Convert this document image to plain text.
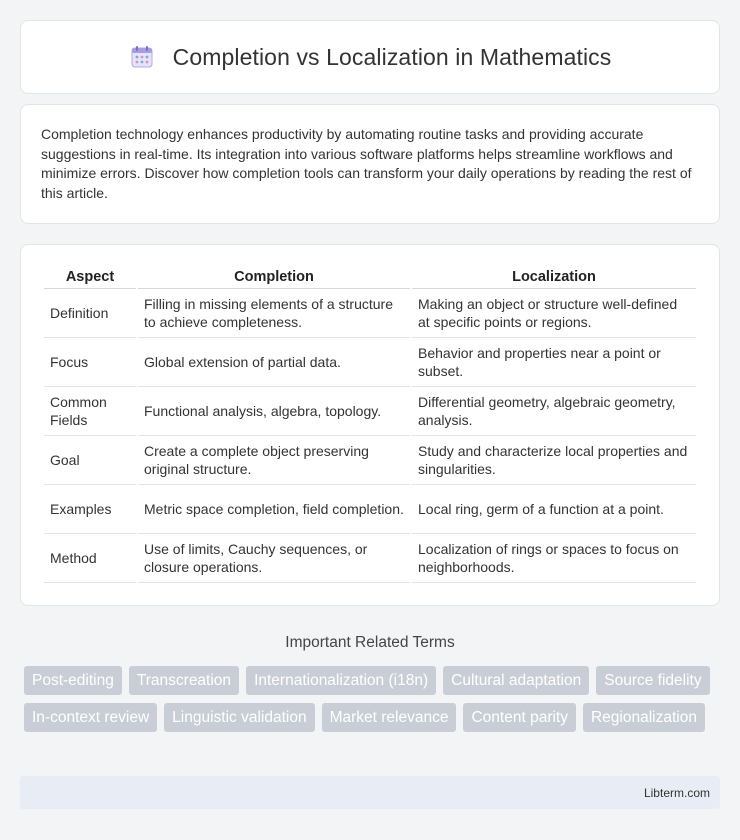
Completion vs Localization in Mathematics

Completion technology enhances productivity by automating routine tasks and providing accurate suggestions in real-time. Its integration into various software platforms helps streamline workflows and minimize errors. Discover how completion tools can transform your daily operations by reading the rest of this article.

Aspect	Completion	Localization
Definition	Filling in missing elements of a structure to achieve completeness.	Making an object or structure well-defined at specific points or regions.
Focus	Global extension of partial data.	Behavior and properties near a point or subset.
Common Fields	Functional analysis, algebra, topology.	Differential geometry, algebraic geometry, analysis.
Goal	Create a complete object preserving original structure.	Study and characterize local properties and singularities.
Examples	Metric space completion, field completion.	Local ring, germ of a function at a point.
Method	Use of limits, Cauchy sequences, or closure operations.	Localization of rings or spaces to focus on neighborhoods.
Important Related Terms
Post-editing	Transcreation	Internationalization (i18n)	Cultural adaptation	Source fidelity
In-context review	Linguistic validation	Market relevance	Content parity	Regionalization
Libterm.com
